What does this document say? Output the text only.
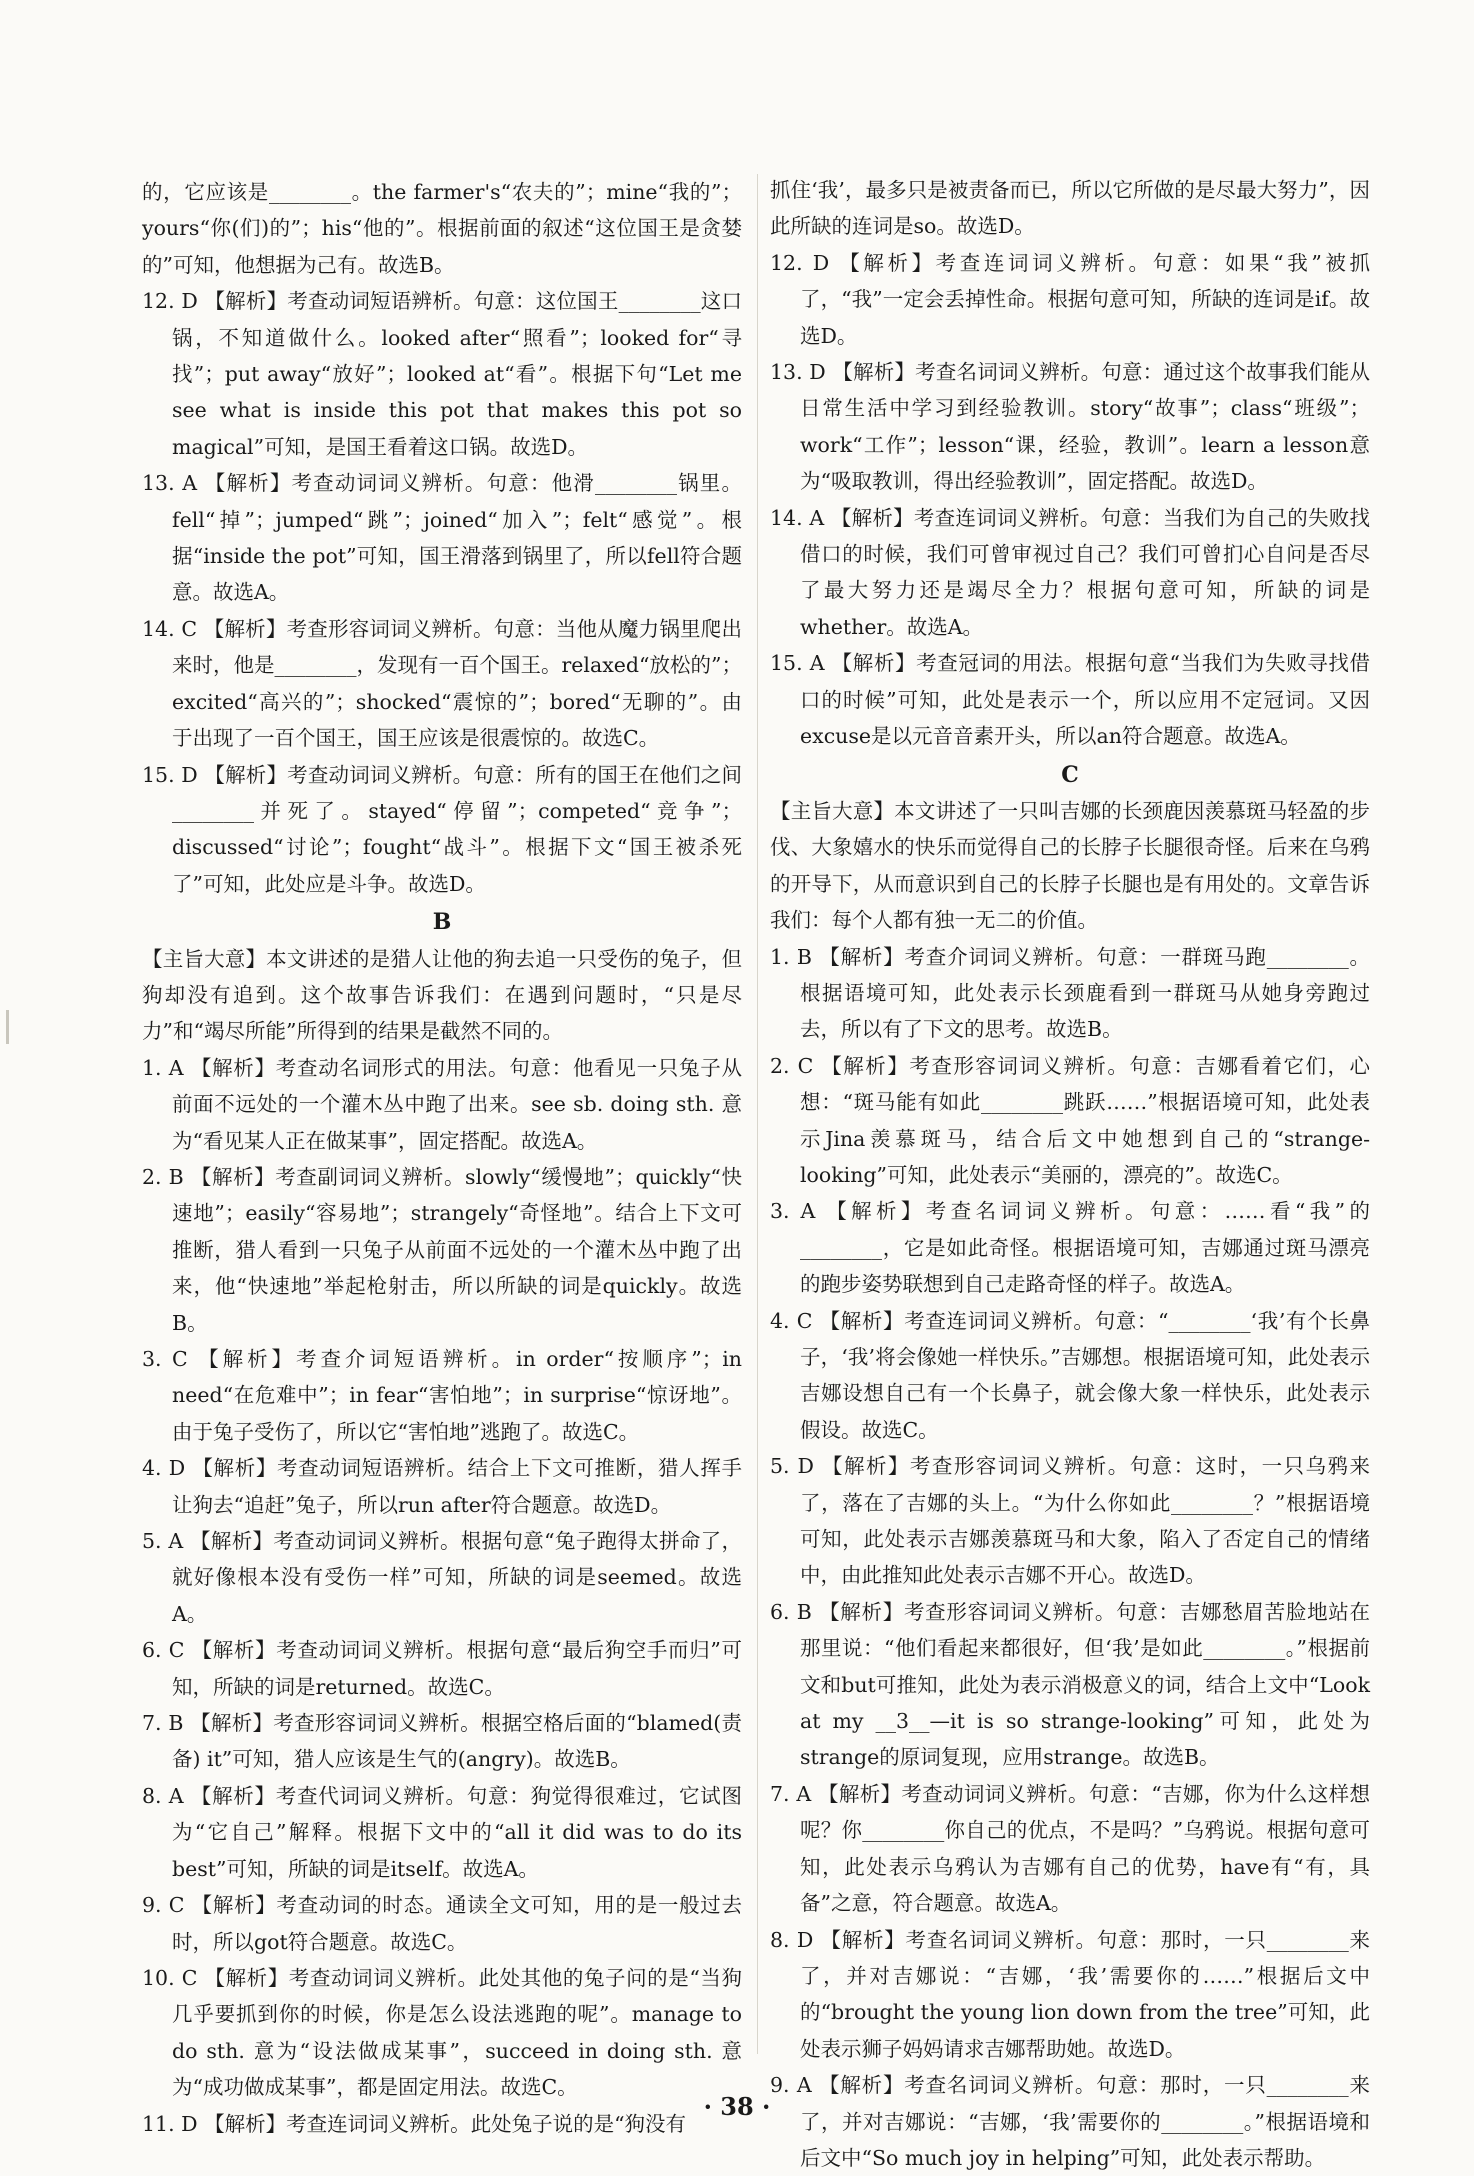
的，它应该是________。the farmer's“农夫的”；mine“我的”；yours“你(们)的”；his“他的”。根据前面的叙述“这位国王是贪婪的”可知，他想据为己有。故选B。

12. D 【解析】考查动词短语辨析。句意：这位国王________这口锅，不知道做什么。looked after“照看”；looked for“寻找”；put away“放好”；looked at“看”。根据下句“Let me see what is inside this pot that makes this pot so magical”可知，是国王看着这口锅。故选D。

13. A 【解析】考查动词词义辨析。句意：他滑________锅里。fell“掉”；jumped“跳”；joined“加入”；felt“感觉”。根据“inside the pot”可知，国王滑落到锅里了，所以fell符合题意。故选A。

14. C 【解析】考查形容词词义辨析。句意：当他从魔力锅里爬出来时，他是________，发现有一百个国王。relaxed“放松的”；excited“高兴的”；shocked“震惊的”；bored“无聊的”。由于出现了一百个国王，国王应该是很震惊的。故选C。

15. D 【解析】考查动词词义辨析。句意：所有的国王在他们之间________并死了。stayed“停留”；competed“竞争”；discussed“讨论”；fought“战斗”。根据下文“国王被杀死了”可知，此处应是斗争。故选D。

B

【主旨大意】本文讲述的是猎人让他的狗去追一只受伤的兔子，但狗却没有追到。这个故事告诉我们：在遇到问题时，“只是尽力”和“竭尽所能”所得到的结果是截然不同的。

1. A 【解析】考查动名词形式的用法。句意：他看见一只兔子从前面不远处的一个灌木丛中跑了出来。see sb. doing sth. 意为“看见某人正在做某事”，固定搭配。故选A。

2. B 【解析】考查副词词义辨析。slowly“缓慢地”；quickly“快速地”；easily“容易地”；strangely“奇怪地”。结合上下文可推断，猎人看到一只兔子从前面不远处的一个灌木丛中跑了出来，他“快速地”举起枪射击，所以所缺的词是quickly。故选B。

3. C 【解析】考查介词短语辨析。in order“按顺序”；in need“在危难中”；in fear“害怕地”；in surprise“惊讶地”。由于兔子受伤了，所以它“害怕地”逃跑了。故选C。

4. D 【解析】考查动词短语辨析。结合上下文可推断，猎人挥手让狗去“追赶”兔子，所以run after符合题意。故选D。

5. A 【解析】考查动词词义辨析。根据句意“兔子跑得太拼命了，就好像根本没有受伤一样”可知，所缺的词是seemed。故选A。

6. C 【解析】考查动词词义辨析。根据句意“最后狗空手而归”可知，所缺的词是returned。故选C。

7. B 【解析】考查形容词词义辨析。根据空格后面的“blamed(责备) it”可知，猎人应该是生气的(angry)。故选B。

8. A 【解析】考查代词词义辨析。句意：狗觉得很难过，它试图为“它自己”解释。根据下文中的“all it did was to do its best”可知，所缺的词是itself。故选A。

9. C 【解析】考查动词的时态。通读全文可知，用的是一般过去时，所以got符合题意。故选C。

10. C 【解析】考查动词词义辨析。此处其他的兔子问的是“当狗几乎要抓到你的时候，你是怎么设法逃跑的呢”。manage to do sth. 意为“设法做成某事”，succeed in doing sth. 意为“成功做成某事”，都是固定用法。故选C。

11. D 【解析】考查连词词义辨析。此处兔子说的是“狗没有

抓住‘我’，最多只是被责备而已，所以它所做的是尽最大努力”，因此所缺的连词是so。故选D。

12. D 【解析】考查连词词义辨析。句意：如果“我”被抓了，“我”一定会丢掉性命。根据句意可知，所缺的连词是if。故选D。

13. D 【解析】考查名词词义辨析。句意：通过这个故事我们能从日常生活中学习到经验教训。story“故事”；class“班级”；work“工作”；lesson“课，经验，教训”。learn a lesson意为“吸取教训，得出经验教训”，固定搭配。故选D。

14. A 【解析】考查连词词义辨析。句意：当我们为自己的失败找借口的时候，我们可曾审视过自己？我们可曾扪心自问是否尽了最大努力还是竭尽全力？根据句意可知，所缺的词是whether。故选A。

15. A 【解析】考查冠词的用法。根据句意“当我们为失败寻找借口的时候”可知，此处是表示一个，所以应用不定冠词。又因excuse是以元音音素开头，所以an符合题意。故选A。

C

【主旨大意】本文讲述了一只叫吉娜的长颈鹿因羡慕斑马轻盈的步伐、大象嬉水的快乐而觉得自己的长脖子长腿很奇怪。后来在乌鸦的开导下，从而意识到自己的长脖子长腿也是有用处的。文章告诉我们：每个人都有独一无二的价值。

1. B 【解析】考查介词词义辨析。句意：一群斑马跑________。根据语境可知，此处表示长颈鹿看到一群斑马从她身旁跑过去，所以有了下文的思考。故选B。

2. C 【解析】考查形容词词义辨析。句意：吉娜看着它们，心想：“斑马能有如此________跳跃……”根据语境可知，此处表示Jina羡慕斑马，结合后文中她想到自己的“strange-looking”可知，此处表示“美丽的，漂亮的”。故选C。

3. A 【解析】考查名词词义辨析。句意：……看“我”的________，它是如此奇怪。根据语境可知，吉娜通过斑马漂亮的跑步姿势联想到自己走路奇怪的样子。故选A。

4. C 【解析】考查连词词义辨析。句意：“________‘我’有个长鼻子，‘我’将会像她一样快乐。”吉娜想。根据语境可知，此处表示吉娜设想自己有一个长鼻子，就会像大象一样快乐，此处表示假设。故选C。

5. D 【解析】考查形容词词义辨析。句意：这时，一只乌鸦来了，落在了吉娜的头上。“为什么你如此________？”根据语境可知，此处表示吉娜羡慕斑马和大象，陷入了否定自己的情绪中，由此推知此处表示吉娜不开心。故选D。

6. B 【解析】考查形容词词义辨析。句意：吉娜愁眉苦脸地站在那里说：“他们看起来都很好，但‘我’是如此________。”根据前文和but可推知，此处为表示消极意义的词，结合上文中“Look at my __3__—it is so strange-looking”可知，此处为strange的原词复现，应用strange。故选B。

7. A 【解析】考查动词词义辨析。句意：“吉娜，你为什么这样想呢？你________你自己的优点，不是吗？”乌鸦说。根据句意可知，此处表示乌鸦认为吉娜有自己的优势，have有“有，具备”之意，符合题意。故选A。

8. D 【解析】考查名词词义辨析。句意：那时，一只________来了，并对吉娜说：“吉娜，‘我’需要你的……”根据后文中的“brought the young lion down from the tree”可知，此处表示狮子妈妈请求吉娜帮助她。故选D。

9. A 【解析】考查名词词义辨析。句意：那时，一只________来了，并对吉娜说：“吉娜，‘我’需要你的________。”根据语境和后文中“So much joy in helping”可知，此处表示帮助。

· 38 ·
